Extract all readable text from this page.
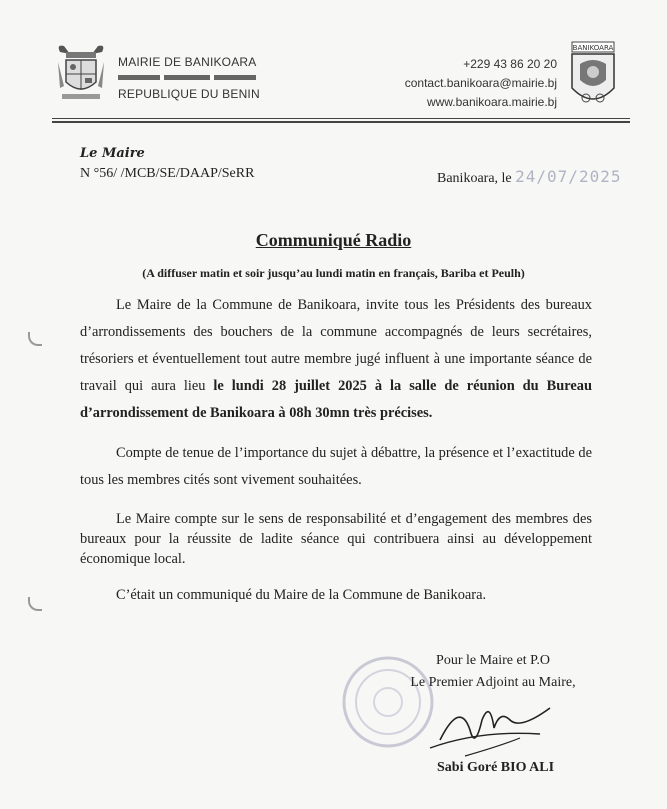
MAIRIE DE BANIKOARA
REPUBLIQUE DU BENIN
+229 43 86 20 20
contact.banikoara@mairie.bj
www.banikoara.mairie.bj
BANIKOARA
Le Maire
N °56/ /MCB/SE/DAAP/SeRR	Banikoara, le 24/07/2025
Communiqué Radio
(A diffuser matin et soir jusqu’au lundi matin en français, Bariba et Peulh)
Le Maire de la Commune de Banikoara, invite tous les Présidents des bureaux d’arrondissements des bouchers de la commune accompagnés de leurs secrétaires, trésoriers et éventuellement tout autre membre jugé influent à une importante séance de travail qui aura lieu le lundi 28 juillet 2025 à la salle de réunion du Bureau d’arrondissement de Banikoara à 08h 30mn très précises.
Compte de tenue de l’importance du sujet à débattre, la présence et l’exactitude de tous les membres cités sont vivement souhaitées.
Le Maire compte sur le sens de responsabilité et d’engagement des membres des bureaux pour la réussite de ladite séance qui contribuera ainsi au développement économique local.
C’était un communiqué du Maire de la Commune de Banikoara.
Pour le Maire et P.O
Le Premier Adjoint au Maire,
Sabi Goré BIO ALI
